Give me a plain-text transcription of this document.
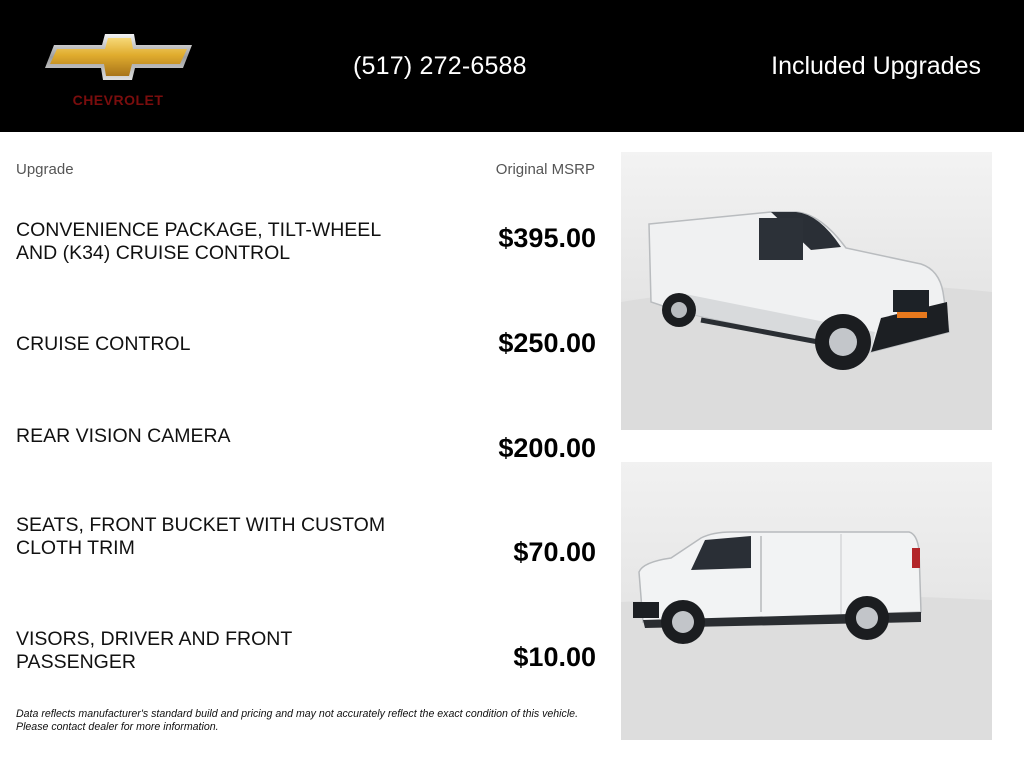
CHEVROLET
(517) 272-6588	Included Upgrades
Upgrade	Original MSRP
CONVENIENCE PACKAGE, TILT-WHEEL AND (K34) CRUISE CONTROL	$395.00
CRUISE CONTROL	$250.00
REAR VISION CAMERA	$200.00
SEATS, FRONT BUCKET WITH CUSTOM CLOTH TRIM	$70.00
VISORS, DRIVER AND FRONT PASSENGER	$10.00
Data reflects manufacturer's standard build and pricing and may not accurately reflect the exact condition of this vehicle. Please contact dealer for more information.
